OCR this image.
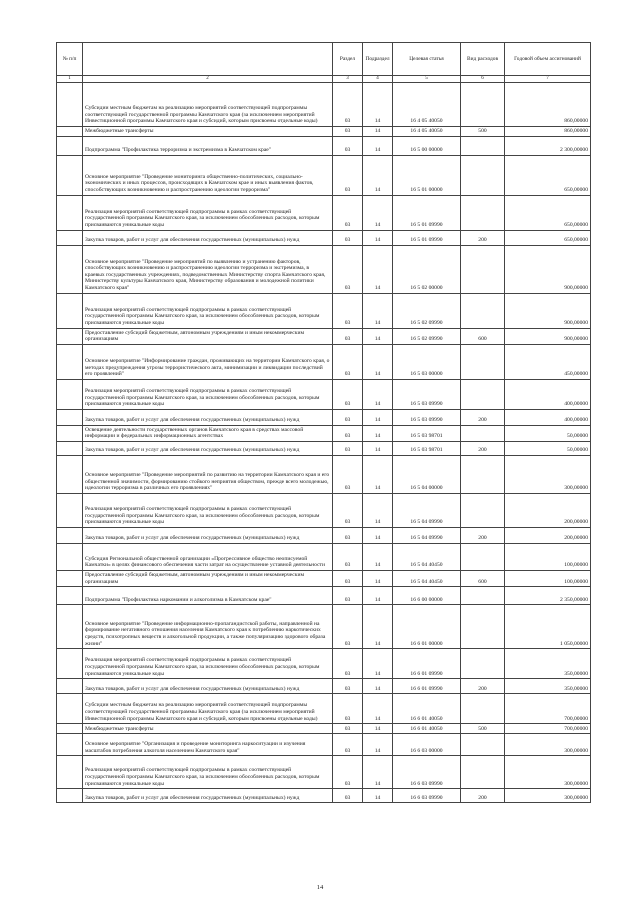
№ п/п		Раздел	Подраздел	Целевая статья	Вид расходов	Годовой объем ассигнований
1	2	3	4	5	6	7
	Субсидии местным бюджетам на реализацию мероприятий соответствующей подпрограммы соответствующей государственной программы Камчатского края (за исключением мероприятий Инвестиционной программы Камчатского края и субсидий, которым присвоены отдельные коды)	03	14	16 4 05 40050		860,00000
	Межбюджетные трансферты	03	14	16 4 05 40050	500	860,00000
	Подпрограмма "Профилактика терроризма и экстремизма в Камчатском крае"	03	14	16 5 00 00000		2 300,00000
	Основное мероприятие "Проведение мониторинга общественно-политических, социально-экономических и иных процессов, происходящих в Камчатском крае и иных выявления фактов, способствующих возникновению и распространению идеологии терроризма"	03	14	16 5 01 00000		650,00000
	Реализация мероприятий соответствующей подпрограммы в рамках соответствующей государственной программы Камчатского края, за исключением обособленных расходов, которым присваиваются уникальные коды	03	14	16 5 01 09990		650,00000
	Закупка товаров, работ и услуг для обеспечения государственных (муниципальных) нужд	03	14	16 5 01 09990	200	650,00000
	Основное мероприятие "Проведение мероприятий по выявлению и устранению факторов, способствующих возникновению и распространению идеологии терроризма и экстремизма, в краевых государственных учреждениях, подведомственных Министерству спорта Камчатского края, Министерству культуры Камчатского края, Министерству образования и молодежной политики Камчатского края"	03	14	16 5 02 00000		900,00000
	Реализация мероприятий соответствующей подпрограммы в рамках соответствующей государственной программы Камчатского края, за исключением обособленных расходов, которым присваиваются уникальные коды	03	14	16 5 02 09990		900,00000
	Предоставление субсидий бюджетным, автономным учреждениям и иным некоммерческим организациям	03	14	16 5 02 09990	600	900,00000
	Основное мероприятие "Информирование граждан, проживающих на территории Камчатского края, о методах предупреждения угрозы террористического акта, минимизации и ликвидации последствий его проявлений"	03	14	16 5 03 00000		450,00000
	Реализация мероприятий соответствующей подпрограммы в рамках соответствующей государственной программы Камчатского края, за исключением обособленных расходов, которым присваиваются уникальные коды	03	14	16 5 03 09990		400,00000
	Закупка товаров, работ и услуг для обеспечения государственных (муниципальных) нужд	03	14	16 5 03 09990	200	400,00000
	Освещение деятельности государственных органов Камчатского края в средствах массовой информации и федеральных информационных агентствах	03	14	16 5 03 98701		50,00000
	Закупка товаров, работ и услуг для обеспечения государственных (муниципальных) нужд	03	14	16 5 03 98701	200	50,00000
	Основное мероприятие "Проведение мероприятий по развитию на территории Камчатского края и его общественной значимости, формированию стойкого неприятия обществом, прежде всего молодежью, идеологии терроризма в различных его проявлениях"	03	14	16 5 04 00000		300,00000
	Реализация мероприятий соответствующей подпрограммы в рамках соответствующей государственной программы Камчатского края, за исключением обособленных расходов, которым присваиваются уникальные коды	03	14	16 5 04 09990		200,00000
	Закупка товаров, работ и услуг для обеспечения государственных (муниципальных) нужд	03	14	16 5 04 09990	200	200,00000
	Субсидия Региональной общественной организации «Прогрессивное общество неописуемой Камчатки» в целях финансового обеспечения части затрат на осуществление уставной деятельности	03	14	16 5 04 40450		100,00000
	Предоставление субсидий бюджетным, автономным учреждениям и иным некоммерческим организациям	03	14	16 5 04 40450	600	100,00000
	Подпрограмма "Профилактика наркомании и алкоголизма в Камчатском крае"	03	14	16 6 00 00000		2 350,00000
	Основное мероприятие "Проведение информационно-пропагандистской работы, направленной на формирование негативного отношения населения Камчатского края к потреблению наркотических средств, психотропных веществ и алкогольной продукции, а также популяризацию здорового образа жизни"	03	14	16 6 01 00000		1 050,00000
	Реализация мероприятий соответствующей подпрограммы в рамках соответствующей государственной программы Камчатского края, за исключением обособленных расходов, которым присваиваются уникальные коды	03	14	16 6 01 09990		350,00000
	Закупка товаров, работ и услуг для обеспечения государственных (муниципальных) нужд	03	14	16 6 01 09990	200	350,00000
	Субсидии местным бюджетам на реализацию мероприятий соответствующей подпрограммы соответствующей государственной программы Камчатского края (за исключением мероприятий Инвестиционной программы Камчатского края и субсидий, которым присвоены отдельные коды)	03	14	16 6 01 40050		700,00000
	Межбюджетные трансферты	03	14	16 6 01 40050	500	700,00000
	Основное мероприятие "Организация и проведение мониторинга наркоситуации и изучения масштабов потребления алкоголя населением Камчатского края"	03	14	16 6 03 00000		300,00000
	Реализация мероприятий соответствующей подпрограммы в рамках соответствующей государственной программы Камчатского края, за исключением обособленных расходов, которым присваиваются уникальные коды	03	14	16 6 03 09990		300,00000
	Закупка товаров, работ и услуг для обеспечения государственных (муниципальных) нужд	03	14	16 6 03 09990	200	300,00000
14
